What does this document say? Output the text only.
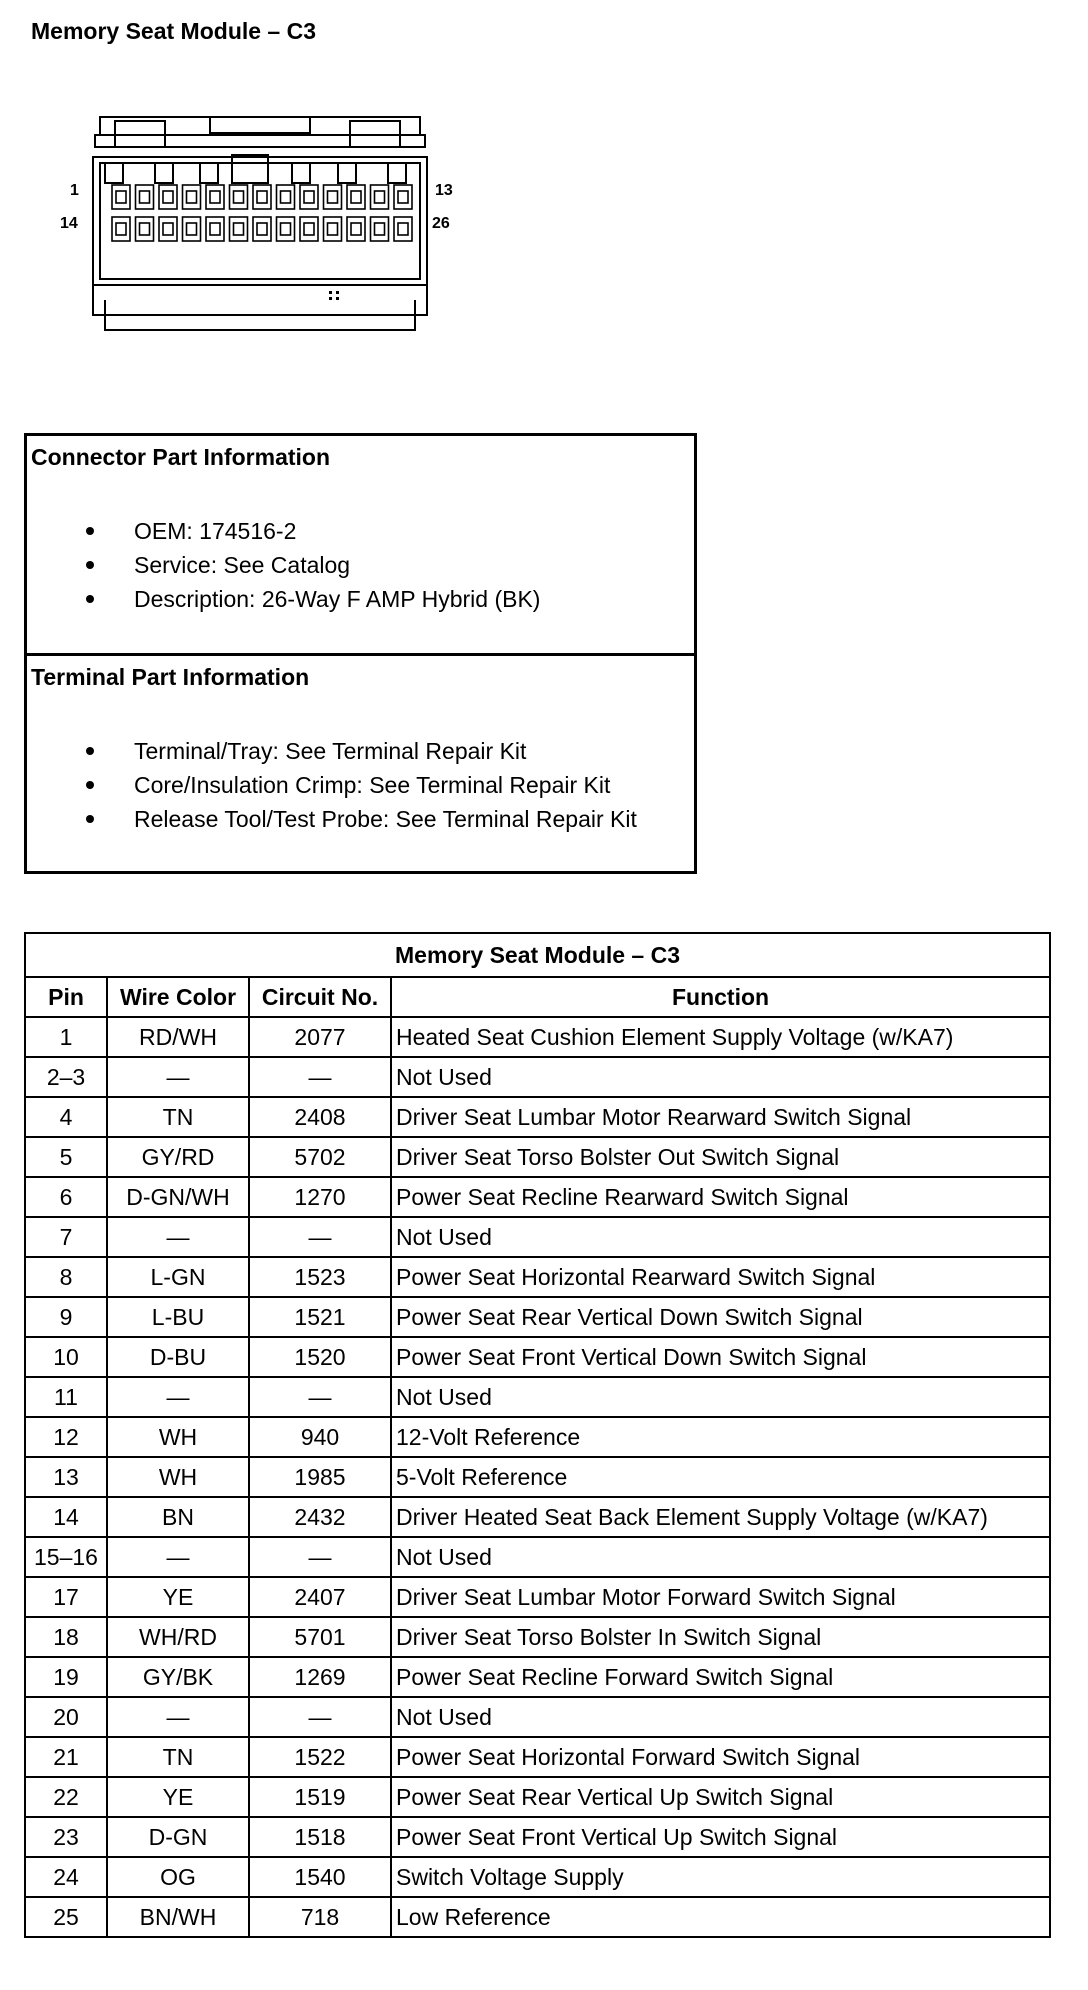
Memory Seat Module – C3
1	13
14	26
Connector Part Information
OEM: 174516-2
Service: See Catalog
Description: 26-Way F AMP Hybrid (BK)
Terminal Part Information
Terminal/Tray: See Terminal Repair Kit
Core/Insulation Crimp: See Terminal Repair Kit
Release Tool/Test Probe: See Terminal Repair Kit
Memory Seat Module – C3			
Pin	Wire Color	Circuit No.	Function
1	RD/WH	2077	Heated Seat Cushion Element Supply Voltage (w/KA7)
2–3	—	—	Not Used
4	TN	2408	Driver Seat Lumbar Motor Rearward Switch Signal
5	GY/RD	5702	Driver Seat Torso Bolster Out Switch Signal
6	D-GN/WH	1270	Power Seat Recline Rearward Switch Signal
7	—	—	Not Used
8	L-GN	1523	Power Seat Horizontal Rearward Switch Signal
9	L-BU	1521	Power Seat Rear Vertical Down Switch Signal
10	D-BU	1520	Power Seat Front Vertical Down Switch Signal
11	—	—	Not Used
12	WH	940	12-Volt Reference
13	WH	1985	5-Volt Reference
14	BN	2432	Driver Heated Seat Back Element Supply Voltage (w/KA7)
15–16	—	—	Not Used
17	YE	2407	Driver Seat Lumbar Motor Forward Switch Signal
18	WH/RD	5701	Driver Seat Torso Bolster In Switch Signal
19	GY/BK	1269	Power Seat Recline Forward Switch Signal
20	—	—	Not Used
21	TN	1522	Power Seat Horizontal Forward Switch Signal
22	YE	1519	Power Seat Rear Vertical Up Switch Signal
23	D-GN	1518	Power Seat Front Vertical Up Switch Signal
24	OG	1540	Switch Voltage Supply
25	BN/WH	718	Low Reference
